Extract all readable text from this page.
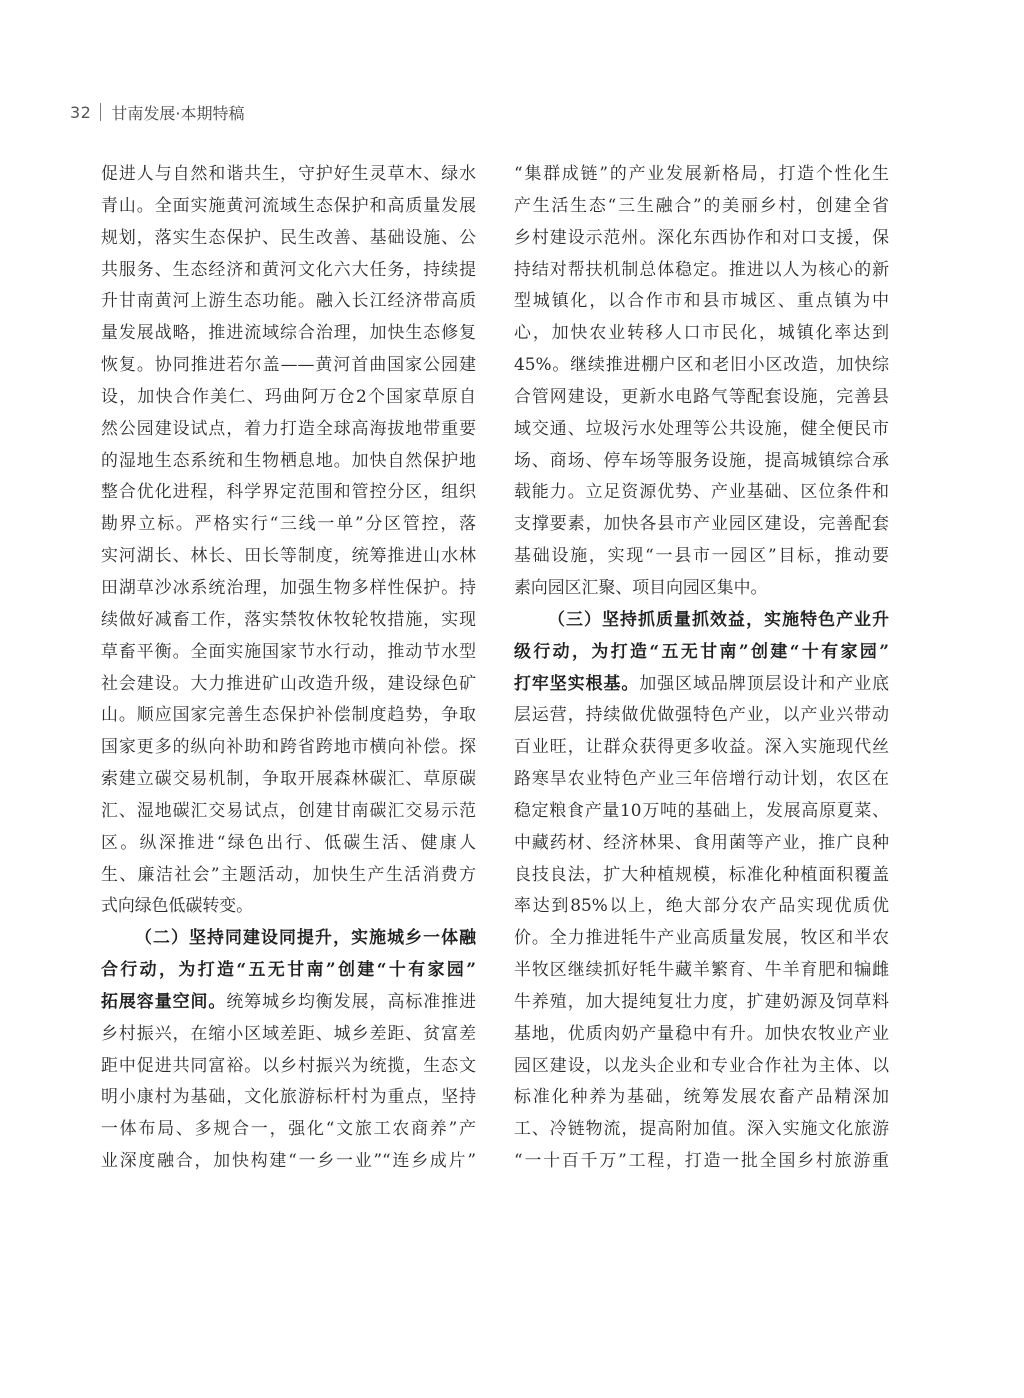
32 甘南发展·本期特稿
促进人与自然和谐共生，守护好生灵草木、绿水
青山。全面实施黄河流域生态保护和高质量发展
规划，落实生态保护、民生改善、基础设施、公
共服务、生态经济和黄河文化六大任务，持续提
升甘南黄河上游生态功能。融入长江经济带高质
量发展战略，推进流域综合治理，加快生态修复
恢复。协同推进若尔盖——黄河首曲国家公园建
设，加快合作美仁、玛曲阿万仓2个国家草原自
然公园建设试点，着力打造全球高海拔地带重要
的湿地生态系统和生物栖息地。加快自然保护地
整合优化进程，科学界定范围和管控分区，组织
勘界立标。严格实行“三线一单”分区管控，落
实河湖长、林长、田长等制度，统筹推进山水林
田湖草沙冰系统治理，加强生物多样性保护。持
续做好减畜工作，落实禁牧休牧轮牧措施，实现
草畜平衡。全面实施国家节水行动，推动节水型
社会建设。大力推进矿山改造升级，建设绿色矿
山。顺应国家完善生态保护补偿制度趋势，争取
国家更多的纵向补助和跨省跨地市横向补偿。探
索建立碳交易机制，争取开展森林碳汇、草原碳
汇、湿地碳汇交易试点，创建甘南碳汇交易示范
区。纵深推进“绿色出行、低碳生活、健康人
生、廉洁社会”主题活动，加快生产生活消费方
式向绿色低碳转变。
（二）坚持同建设同提升，实施城乡一体融
合行动，为打造“五无甘南”创建“十有家园”
拓展容量空间。统筹城乡均衡发展，高标准推进
乡村振兴，在缩小区域差距、城乡差距、贫富差
距中促进共同富裕。以乡村振兴为统揽，生态文
明小康村为基础，文化旅游标杆村为重点，坚持
一体布局、多规合一，强化“文旅工农商养”产
业深度融合，加快构建“一乡一业”“连乡成片”
“集群成链”的产业发展新格局，打造个性化生
产生活生态“三生融合”的美丽乡村，创建全省
乡村建设示范州。深化东西协作和对口支援，保
持结对帮扶机制总体稳定。推进以人为核心的新
型城镇化，以合作市和县市城区、重点镇为中
心，加快农业转移人口市民化，城镇化率达到
45%。继续推进棚户区和老旧小区改造，加快综
合管网建设，更新水电路气等配套设施，完善县
域交通、垃圾污水处理等公共设施，健全便民市
场、商场、停车场等服务设施，提高城镇综合承
载能力。立足资源优势、产业基础、区位条件和
支撑要素，加快各县市产业园区建设，完善配套
基础设施，实现“一县市一园区”目标，推动要
素向园区汇聚、项目向园区集中。
（三）坚持抓质量抓效益，实施特色产业升
级行动，为打造“五无甘南”创建“十有家园”
打牢坚实根基。加强区域品牌顶层设计和产业底
层运营，持续做优做强特色产业，以产业兴带动
百业旺，让群众获得更多收益。深入实施现代丝
路寒旱农业特色产业三年倍增行动计划，农区在
稳定粮食产量10万吨的基础上，发展高原夏菜、
中藏药材、经济林果、食用菌等产业，推广良种
良技良法，扩大种植规模，标准化种植面积覆盖
率达到85%以上，绝大部分农产品实现优质优
价。全力推进牦牛产业高质量发展，牧区和半农
半牧区继续抓好牦牛藏羊繁育、牛羊育肥和犏雌
牛养殖，加大提纯复壮力度，扩建奶源及饲草料
基地，优质肉奶产量稳中有升。加快农牧业产业
园区建设，以龙头企业和专业合作社为主体、以
标准化种养为基础，统筹发展农畜产品精深加
工、冷链物流，提高附加值。深入实施文化旅游
“一十百千万”工程，打造一批全国乡村旅游重
